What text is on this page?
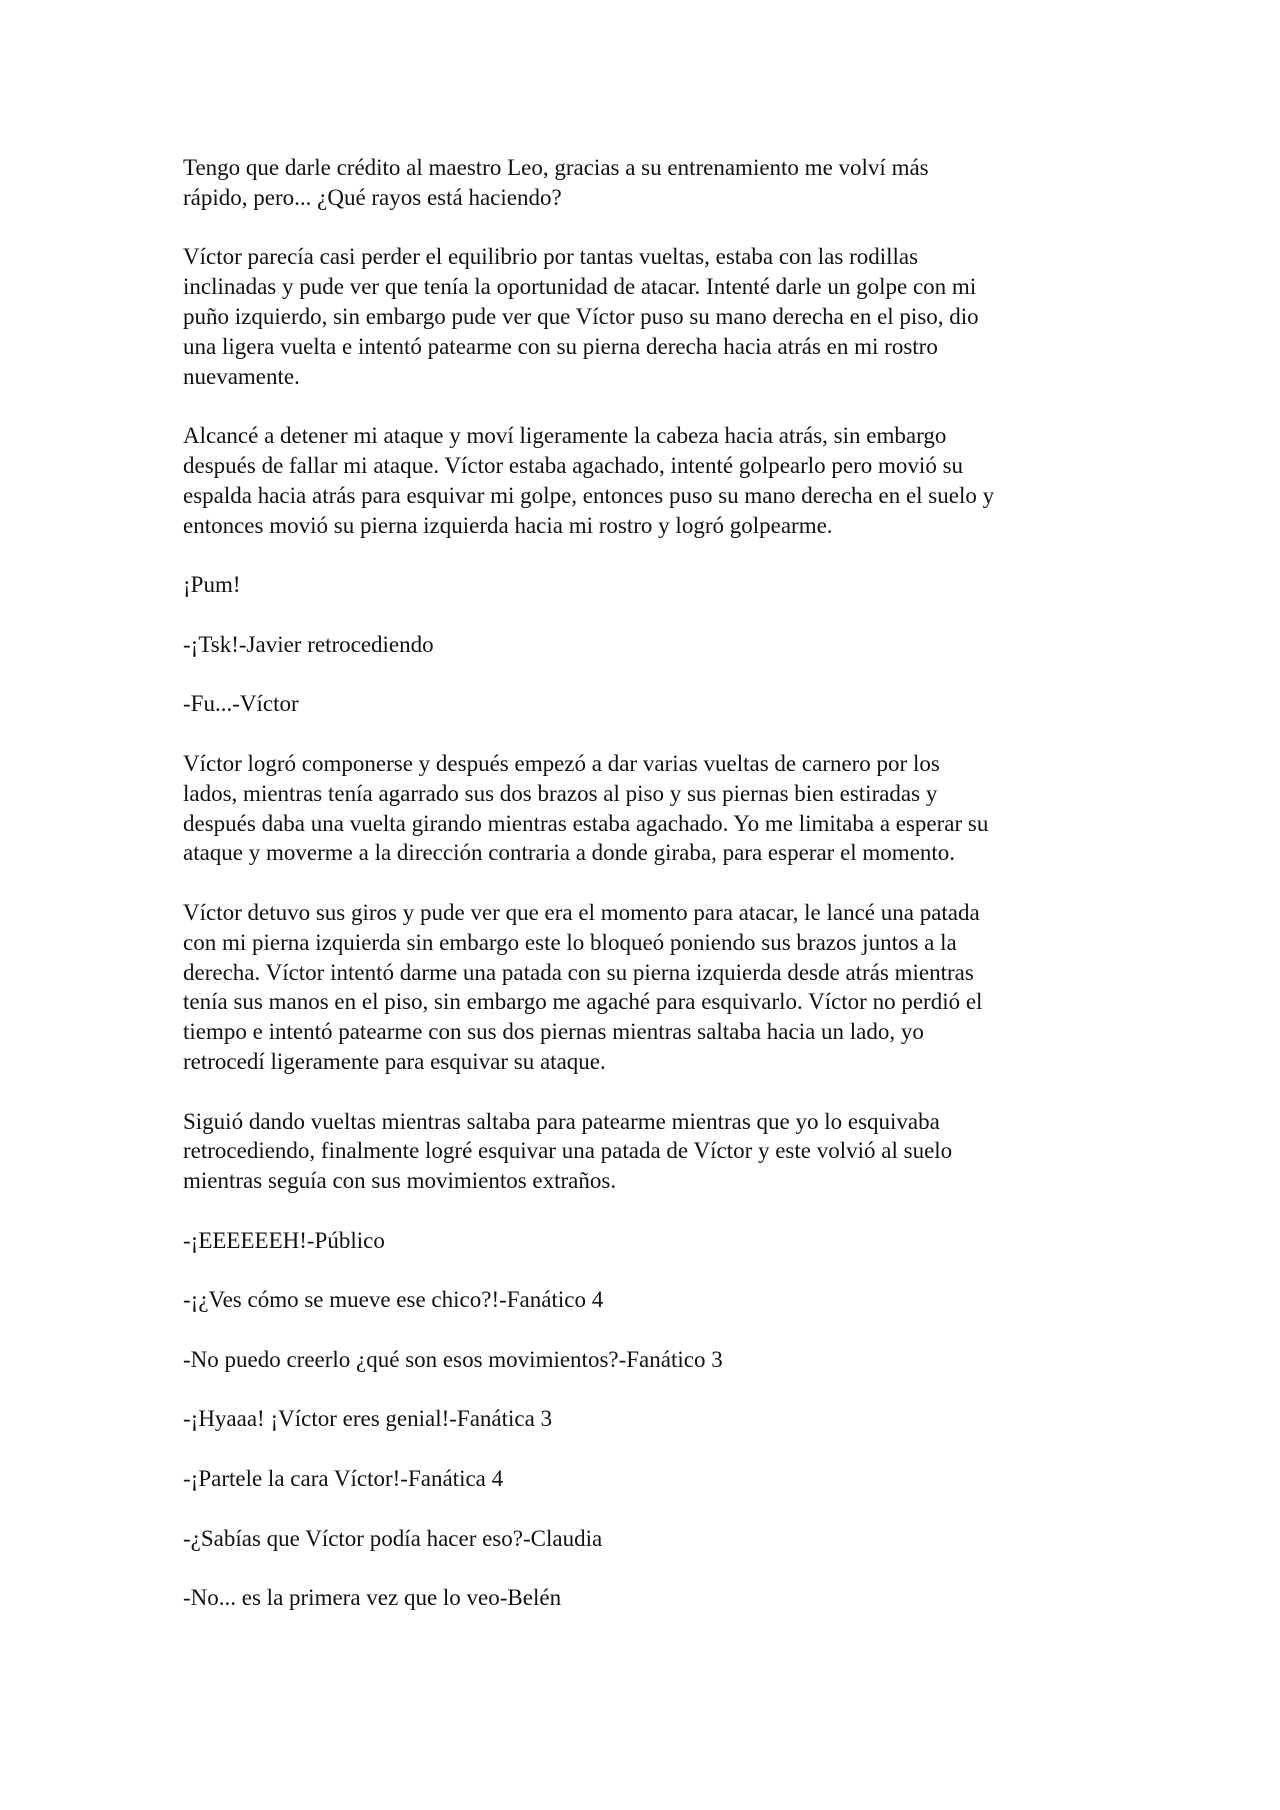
Tengo que darle crédito al maestro Leo, gracias a su entrenamiento me volví más
rápido, pero... ¿Qué rayos está haciendo?
Víctor parecía casi perder el equilibrio por tantas vueltas, estaba con las rodillas
inclinadas y pude ver que tenía la oportunidad de atacar. Intenté darle un golpe con mi
puño izquierdo, sin embargo pude ver que Víctor puso su mano derecha en el piso, dio
una ligera vuelta e intentó patearme con su pierna derecha hacia atrás en mi rostro
nuevamente.
Alcancé a detener mi ataque y moví ligeramente la cabeza hacia atrás, sin embargo
después de fallar mi ataque. Víctor estaba agachado, intenté golpearlo pero movió su
espalda hacia atrás para esquivar mi golpe, entonces puso su mano derecha en el suelo y
entonces movió su pierna izquierda hacia mi rostro y logró golpearme.
¡Pum!
-¡Tsk!-Javier retrocediendo
-Fu...-Víctor
Víctor logró componerse y después empezó a dar varias vueltas de carnero por los
lados, mientras tenía agarrado sus dos brazos al piso y sus piernas bien estiradas y
después daba una vuelta girando mientras estaba agachado. Yo me limitaba a esperar su
ataque y moverme a la dirección contraria a donde giraba, para esperar el momento.
Víctor detuvo sus giros y pude ver que era el momento para atacar, le lancé una patada
con mi pierna izquierda sin embargo este lo bloqueó poniendo sus brazos juntos a la
derecha. Víctor intentó darme una patada con su pierna izquierda desde atrás mientras
tenía sus manos en el piso, sin embargo me agaché para esquivarlo. Víctor no perdió el
tiempo e intentó patearme con sus dos piernas mientras saltaba hacia un lado, yo
retrocedí ligeramente para esquivar su ataque.
Siguió dando vueltas mientras saltaba para patearme mientras que yo lo esquivaba
retrocediendo, finalmente logré esquivar una patada de Víctor y este volvió al suelo
mientras seguía con sus movimientos extraños.
-¡EEEEEEH!-Público
-¡¿Ves cómo se mueve ese chico?!-Fanático 4
-No puedo creerlo ¿qué son esos movimientos?-Fanático 3
-¡Hyaaa! ¡Víctor eres genial!-Fanática 3
-¡Partele la cara Víctor!-Fanática 4
-¿Sabías que Víctor podía hacer eso?-Claudia
-No... es la primera vez que lo veo-Belén
